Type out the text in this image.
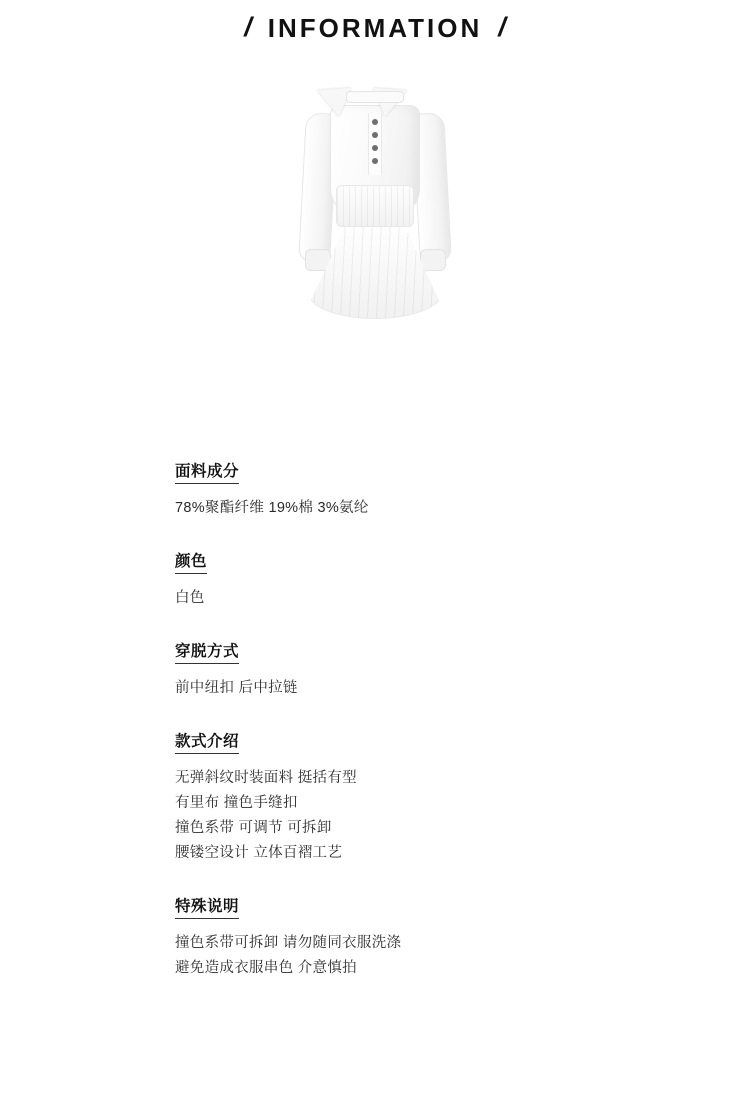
/ INFORMATION /
面料成分
78%聚酯纤维 19%棉 3%氨纶
颜色
白色
穿脱方式
前中纽扣 后中拉链
款式介绍
无弹斜纹时装面料 挺括有型
有里布 撞色手缝扣
撞色系带 可调节 可拆卸
腰镂空设计 立体百褶工艺
特殊说明
撞色系带可拆卸 请勿随同衣服洗涤
避免造成衣服串色 介意慎拍
